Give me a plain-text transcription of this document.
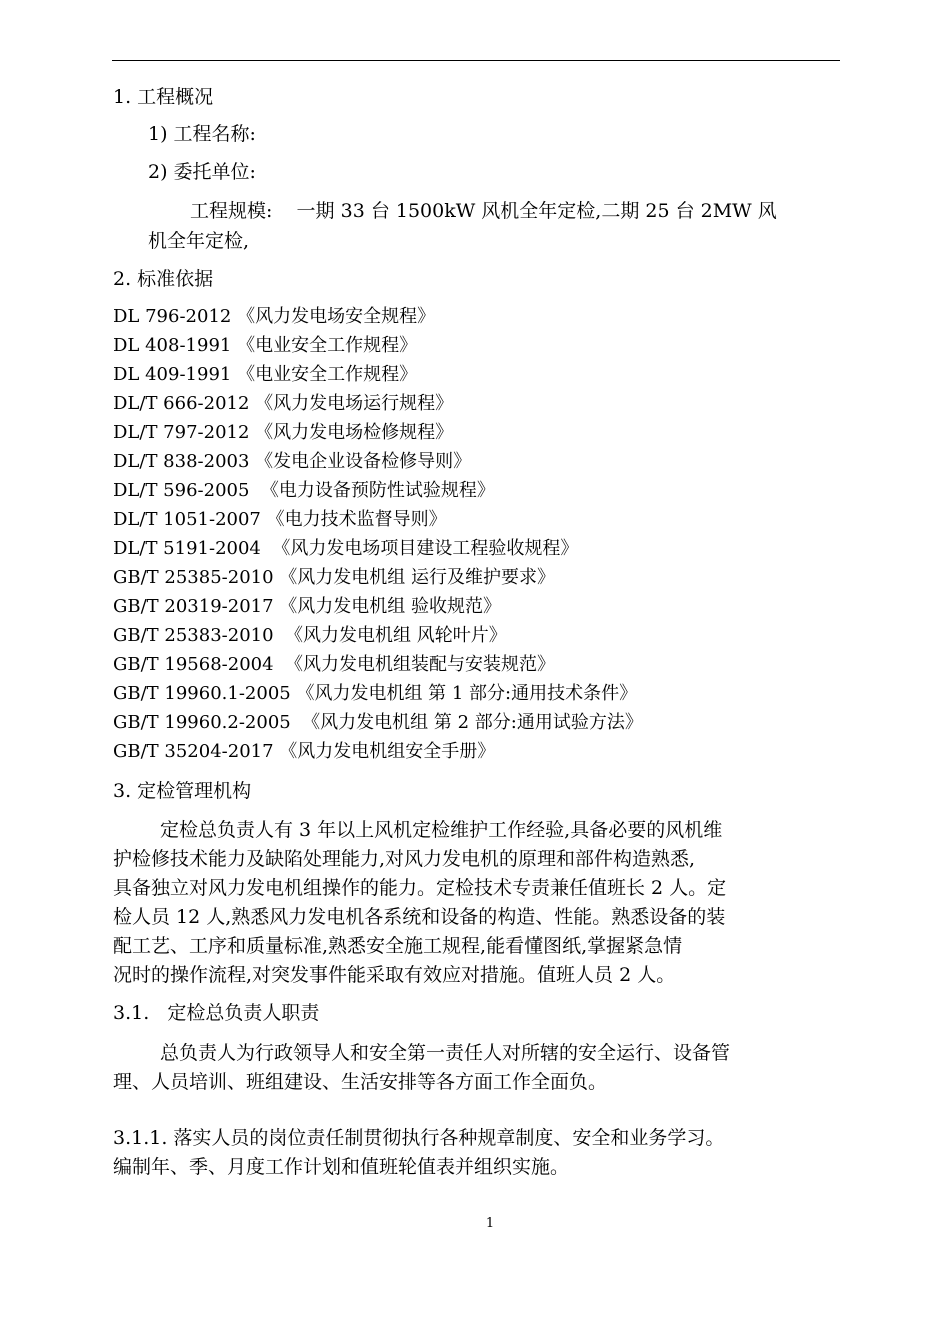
1. 工程概况
1) 工程名称:
2) 委托单位:
工程规模:    一期 33 台 1500kW 风机全年定检,二期 25 台 2MW 风
机全年定检,
2. 标准依据
DL 796-2012 《风力发电场安全规程》
DL 408-1991 《电业安全工作规程》
DL 409-1991 《电业安全工作规程》
DL/T 666-2012 《风力发电场运行规程》
DL/T 797-2012 《风力发电场检修规程》
DL/T 838-2003 《发电企业设备检修导则》
DL/T 596-2005  《电力设备预防性试验规程》
DL/T 1051-2007 《电力技术监督导则》
DL/T 5191-2004  《风力发电场项目建设工程验收规程》
GB/T 25385-2010 《风力发电机组 运行及维护要求》
GB/T 20319-2017 《风力发电机组 验收规范》
GB/T 25383-2010  《风力发电机组 风轮叶片》
GB/T 19568-2004  《风力发电机组装配与安装规范》
GB/T 19960.1-2005 《风力发电机组 第 1 部分:通用技术条件》
GB/T 19960.2-2005  《风力发电机组 第 2 部分:通用试验方法》
GB/T 35204-2017 《风力发电机组安全手册》
3. 定检管理机构
定检总负责人有 3 年以上风机定检维护工作经验,具备必要的风机维
护检修技术能力及缺陷处理能力,对风力发电机的原理和部件构造熟悉,
具备独立对风力发电机组操作的能力。定检技术专责兼任值班长 2 人。定
检人员 12 人,熟悉风力发电机各系统和设备的构造、性能。熟悉设备的装
配工艺、工序和质量标准,熟悉安全施工规程,能看懂图纸,掌握紧急情
况时的操作流程,对突发事件能采取有效应对措施。值班人员 2 人。
3.1.   定检总负责人职责
总负责人为行政领导人和安全第一责任人对所辖的安全运行、设备管
理、人员培训、班组建设、生活安排等各方面工作全面负。
3.1.1. 落实人员的岗位责任制贯彻执行各种规章制度、安全和业务学习。
编制年、季、月度工作计划和值班轮值表并组织实施。
1
